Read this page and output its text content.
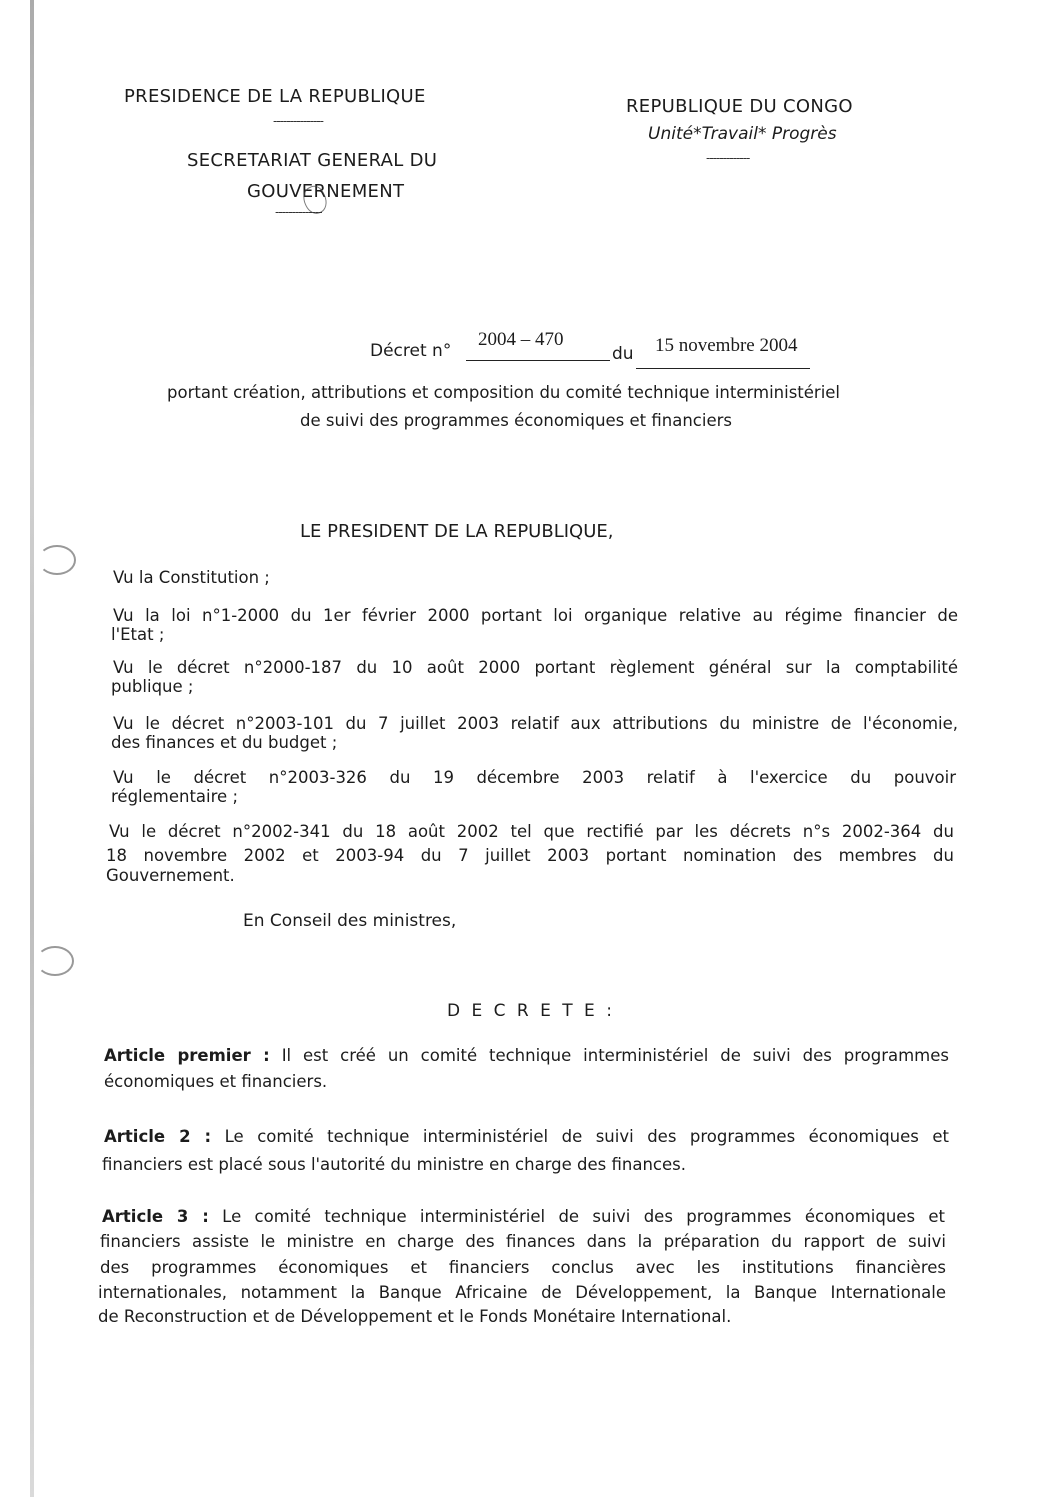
PRESIDENCE DE LA REPUBLIQUE
---------------
SECRETARIAT GENERAL DU
GOUVERNEMENT
--------------
REPUBLIQUE DU CONGO
Unité*Travail* Progrès
-------------
Décret n°
2004 – 470
du 15 novembre 2004
portant création, attributions et composition du comité technique interministériel
de suivi des programmes économiques et financiers
LE PRESIDENT DE LA REPUBLIQUE,
Vu la Constitution ;
Vu la loi n°1-2000 du 1er février 2000 portant loi organique relative au régime financier de
l'Etat ;
Vu le décret n°2000-187 du 10 août 2000 portant règlement général sur la comptabilité
publique ;
Vu le décret n°2003-101 du 7 juillet 2003 relatif aux attributions du ministre de l'économie,
des finances et du budget ;
Vu le décret n°2003-326 du 19 décembre 2003 relatif à l'exercice du pouvoir
réglementaire ;
Vu le décret n°2002-341 du 18 août 2002 tel que rectifié par les décrets n°s 2002-364 du
18 novembre 2002 et 2003-94 du 7 juillet 2003 portant nomination des membres du
Gouvernement.
En Conseil des ministres,
D E C R E T E :
Article premier : Il est créé un comité technique interministériel de suivi des programmes
économiques et financiers.
Article 2 : Le comité technique interministériel de suivi des programmes économiques et
financiers est placé sous l'autorité du ministre en charge des finances.
Article 3 : Le comité technique interministériel de suivi des programmes économiques et
financiers assiste le ministre en charge des finances dans la préparation du rapport de suivi
des programmes économiques et financiers conclus avec les institutions financières
internationales, notamment la Banque Africaine de Développement, la Banque Internationale
de Reconstruction et de Développement et le Fonds Monétaire International.
